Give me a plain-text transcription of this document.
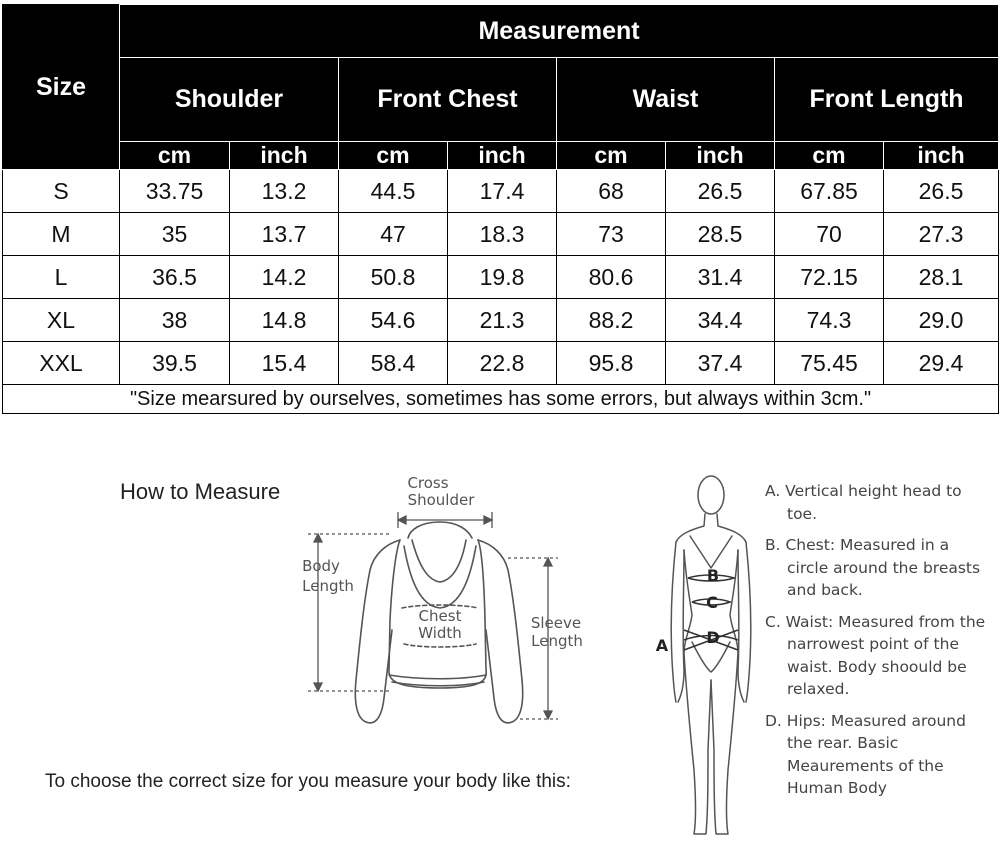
Size	Measurement							
	Shoulder		Front Chest		Waist		Front Length	
	cm	inch	cm	inch	cm	inch	cm	inch
S	33.75	13.2	44.5	17.4	68	26.5	67.85	26.5
M	35	13.7	47	18.3	73	28.5	70	27.3
L	36.5	14.2	50.8	19.8	80.6	31.4	72.15	28.1
XL	38	14.8	54.6	21.3	88.2	34.4	74.3	29.0
XXL	39.5	15.4	58.4	22.8	95.8	37.4	75.45	29.4
"Size mearsured by ourselves, sometimes has some errors, but always within 3cm."								
How to Measure	Cross
Shoulder
Body
Length
Chest
Width
Sleeve
Length	A
B
C
D
To choose the correct size for you measure your body like this:
A. Vertical height head to toe.
B. Chest: Measured in a circle around the breasts and back.
C. Waist: Measured from the narrowest point of the waist. Body shoould be relaxed.
D. Hips: Measured around the rear. Basic Meaurements of the Human Body
